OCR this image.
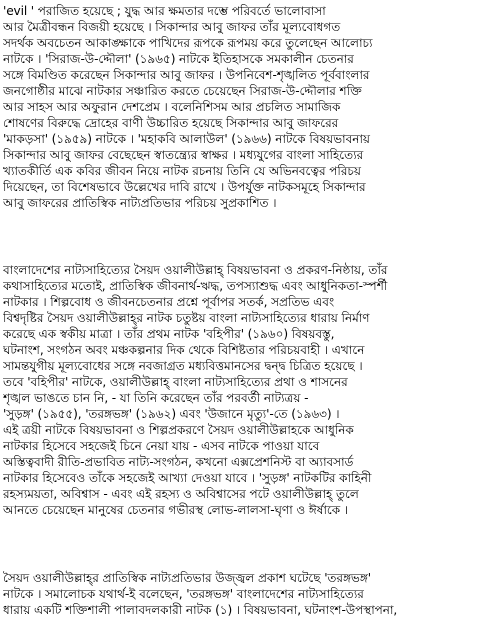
'evil ' পরাজিত হয়েছে ; যুদ্ধ আর ক্ষমতার দম্ভে পরিবর্তে ভালোবাসা
আর মৈত্রীবন্ধন বিজয়ী হয়েছে । সিকান্দার আবু জাফর তাঁর মূল্যবোধগত
সদর্থক অবচেতন আকাঙ্ক্ষাকে পাখিদের রূপকে রূপময় করে তুলেছেন আলোচ্য
নাটকে । 'সিরাজ-উ-দ্দৌলা' (১৯৬৫) নাটকে ইতিহাসকে সমকালীন চেতনার
সঙ্গে বিমণ্ডিত করেছেন সিকান্দার আবু জাফর । উপনিবেশ-শৃঙ্খলিত পূর্ববাংলার
জনগোষ্ঠীর মাঝে নাটকার সঞ্চারিত করতে চেয়েছেন সিরাজ-উ-দ্দৌলার শক্তি
আর সাহস আর অফুরান দেশপ্রেম । বলেনিশিসম আর প্রচলিত সামাজিক
শোষণের বিরুদ্ধে দ্রোহের বাণী উচ্চারিত হয়েছে সিকান্দার আবু জাফরের
'মাকড়সা' (১৯৫৯) নাটকে । 'মহাকবি আলাউল' (১৯৬৬) নাটকে বিষয়ভাবনায়
সিকান্দার আবু জাফর বেছেছেন স্বাতন্ত্র্যের স্বাক্ষর । মধ্যযুগের বাংলা সাহিত্যের
খ্যাতকীর্তি এক কবির জীবন নিয়ে নাটক রচনায় তিনি যে অভিনবত্বের পরিচয়
দিয়েছেন, তা বিশেষভাবে উল্লেখের দাবি রাখে । উপর্যুক্ত নাটকসমূহে সিকান্দার
আবু জাফরের প্রাতিস্বিক নাট্যপ্রতিভার পরিচয় সুপ্রকাশিত ।
বাংলাদেশের নাট্যসাহিত্যের সৈয়দ ওয়ালীউল্লাহ্‌ বিষয়ভাবনা ও প্রকরণ-নিষ্ঠায়, তাঁর
কথাসাহিত্যের মতোই, প্রাতিস্বিক জীবনার্থ-ঋদ্ধ, তপস্যাশুদ্ধ এবং আধুনিকতা-স্পর্শী
নাটকার । শিল্পবোধ ও জীবনচেতনার প্রশ্নে পূর্বাপর সতর্ক, সপ্রতিভ এবং
বিশ্বদৃষ্টির সৈয়দ ওয়ালীউল্লাহ্‌র নাটক চতুষ্টয় বাংলা নাট্যসাহিত্যের ধারায় নির্মাণ
করেছে এক স্বকীয় মাত্রা । তাঁর প্রথম নাটক 'বহিপীর' (১৯৬০) বিষয়বস্তু,
ঘটনাংশ, সংগঠন অবং মঞ্চকল্পনার দিক থেকে বিশিষ্টতার পরিচয়বাহী । এখানে
সামন্তযুগীয় মূল্যবোধের সঙ্গে নবজাগ্রত মধ্যবিত্তমানসের দ্বন্দ্ব চিত্রিত হয়েছে ।
তবে 'বহিপীর' নাটকে, ওয়ালীউল্লাহ্‌ বাংলা নাট্যসাহিত্যের প্রথা ও শাসনের
শৃঙ্খল ভাঙতে চান নি, - যা তিনি করেছেন তাঁর পরবর্তী নাট্যত্রয় -
'সুড়ঙ্গ' (১৯৫৫), 'তরঙ্গভঙ্গ' (১৯৬২) এবং 'উজানে মৃত্যু'-তে (১৯৬৩) ।
এই ত্রয়ী নাটকে বিষয়ভাবনা ও শিল্পপ্রকরণে সৈয়দ ওয়ালীউল্লাহকে আধুনিক
নাটকার হিসেবে সহজেই চিনে নেয়া যায় - এসব নাটকে পাওয়া যাবে
অস্তিত্ববাদী রীতি-প্রভাবিত নাট্য-সংগঠন, কখনো এক্সপ্রেশনিস্ট বা অ্যাবসার্ড
নাটকার হিসেবেও তাঁকে সহজেই আখ্যা দেওয়া যাবে । 'সুড়ঙ্গ' নাটকটির কাহিনী
রহস্যময়তা, অবিশ্বাস - এবং এই রহস্য ও অবিশ্বাসের পটে ওয়ালীউল্লাহ্‌ তুলে
আনতে চেয়েছেন মানুষের চেতনার গভীরস্থ লোভ-লালসা-ঘৃণা ও ঈর্ষাকে ।
সৈয়দ ওয়ালীউল্লাহ্‌র প্রাতিস্বিক নাট্যপ্রতিভার উজ্জ্বল প্রকাশ ঘটেছে 'তরঙ্গভঙ্গ'
নাটকে । সমালোচক যথার্থ-ই বলেছেন, 'তরঙ্গভঙ্গ' বাংলাদেশের নাট্যসাহিত্যের
ধারায় একটি শক্তিশালী পালাবদলকারী নাটক (১) । বিষয়ভাবনা, ঘটনাংশ-উপস্থাপনা,
